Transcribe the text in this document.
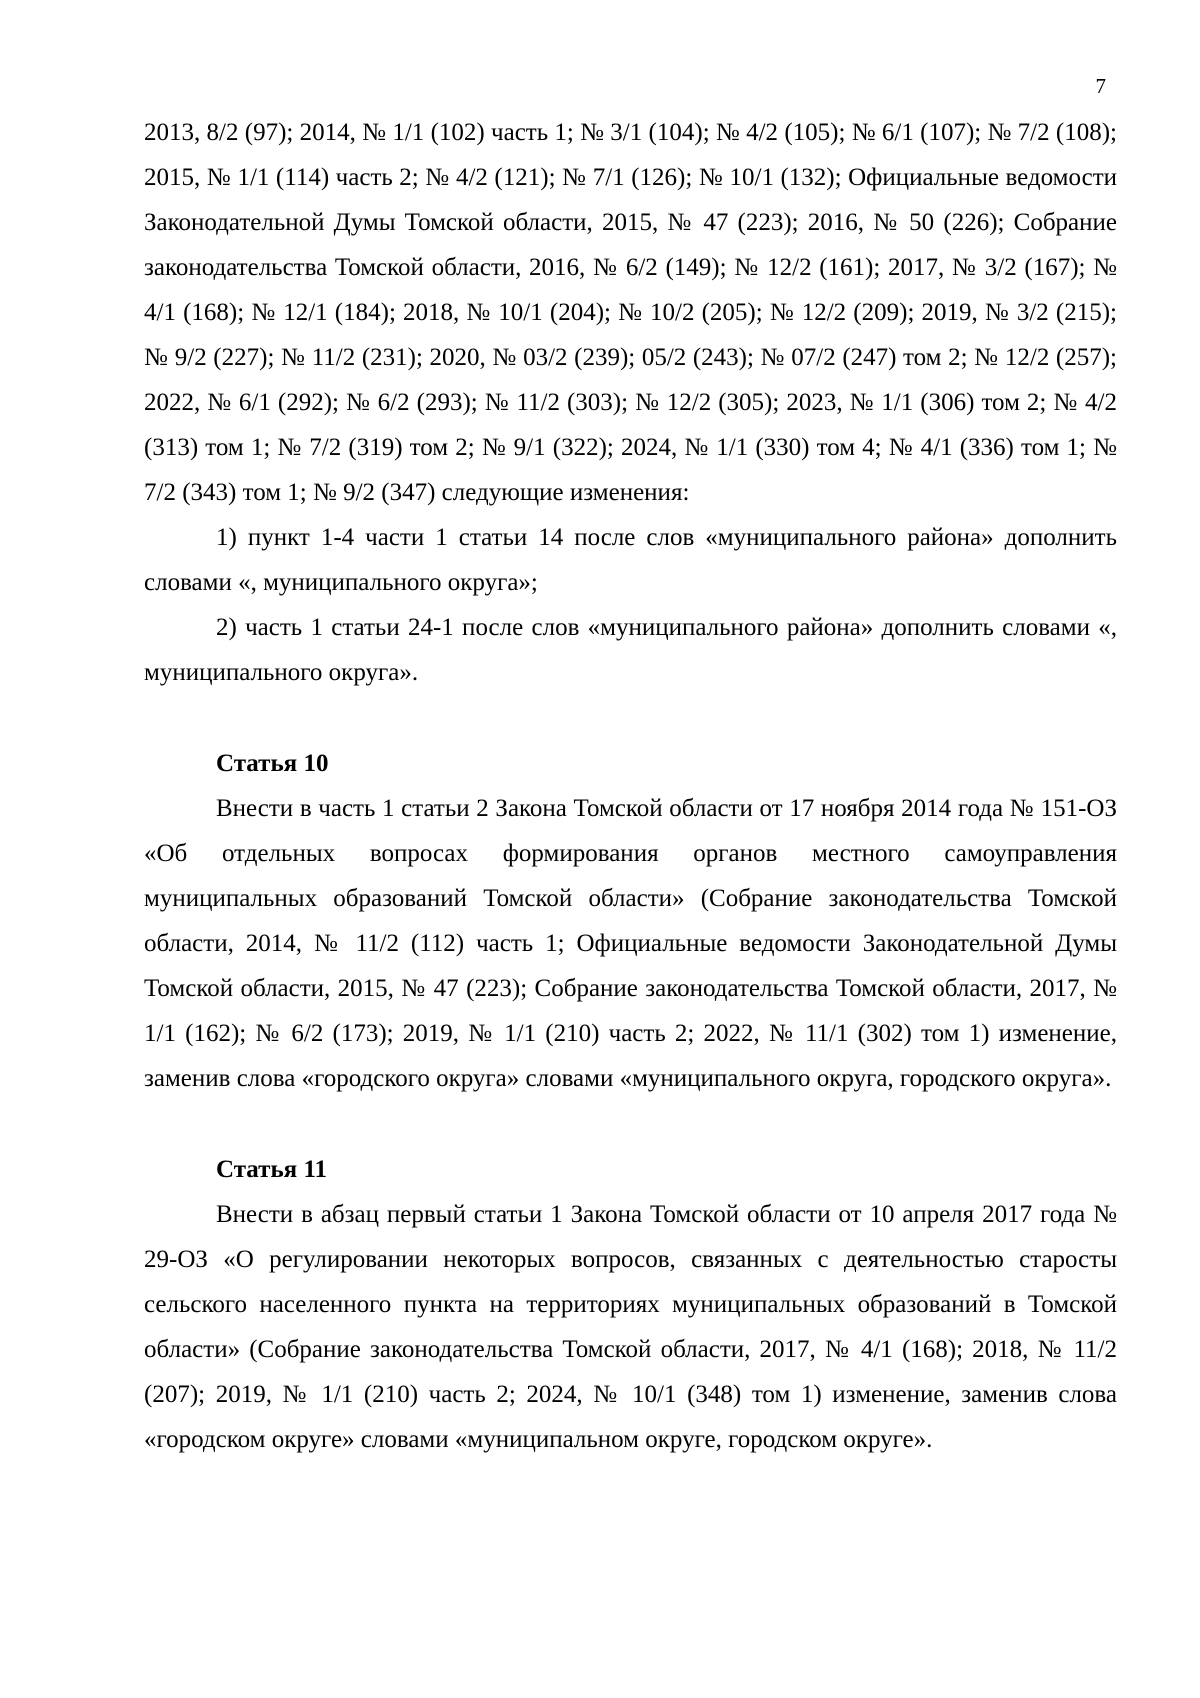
7

2013, 8/2 (97); 2014, № 1/1 (102) часть 1; № 3/1 (104); № 4/2 (105); № 6/1 (107); № 7/2 (108); 2015, № 1/1 (114) часть 2; № 4/2 (121); № 7/1 (126); № 10/1 (132); Официальные ведомости Законодательной Думы Томской области, 2015, № 47 (223); 2016, № 50 (226); Собрание законодательства Томской области, 2016, № 6/2 (149); № 12/2 (161); 2017, № 3/2 (167); № 4/1 (168); № 12/1 (184); 2018, № 10/1 (204); № 10/2 (205); № 12/2 (209); 2019, № 3/2 (215); № 9/2 (227); № 11/2 (231); 2020, № 03/2 (239); 05/2 (243); № 07/2 (247) том 2; № 12/2 (257); 2022, № 6/1 (292); № 6/2 (293); № 11/2 (303); № 12/2 (305); 2023, № 1/1 (306) том 2; № 4/2 (313) том 1; № 7/2 (319) том 2; № 9/1 (322); 2024, № 1/1 (330) том 4; № 4/1 (336) том 1; № 7/2 (343) том 1; № 9/2 (347) следующие изменения:

1) пункт 1-4 части 1 статьи 14 после слов «муниципального района» дополнить словами «, муниципального округа»;

2) часть 1 статьи 24-1 после слов «муниципального района» дополнить словами «, муниципального округа».

Статья 10

Внести в часть 1 статьи 2 Закона Томской области от 17 ноября 2014 года № 151-ОЗ «Об отдельных вопросах формирования органов местного самоуправления муниципальных образований Томской области» (Собрание законодательства Томской области, 2014, № 11/2 (112) часть 1; Официальные ведомости Законодательной Думы Томской области, 2015, № 47 (223); Собрание законодательства Томской области, 2017, № 1/1 (162); № 6/2 (173); 2019, № 1/1 (210) часть 2; 2022, № 11/1 (302) том 1) изменение, заменив слова «городского округа» словами «муниципального округа, городского округа».

Статья 11

Внести в абзац первый статьи 1 Закона Томской области от 10 апреля 2017 года № 29-ОЗ «О регулировании некоторых вопросов, связанных с деятельностью старосты сельского населенного пункта на территориях муниципальных образований в Томской области» (Собрание законодательства Томской области, 2017, № 4/1 (168); 2018, № 11/2 (207); 2019, № 1/1 (210) часть 2; 2024, № 10/1 (348) том 1) изменение, заменив слова «городском округе» словами «муниципальном округе, городском округе».
